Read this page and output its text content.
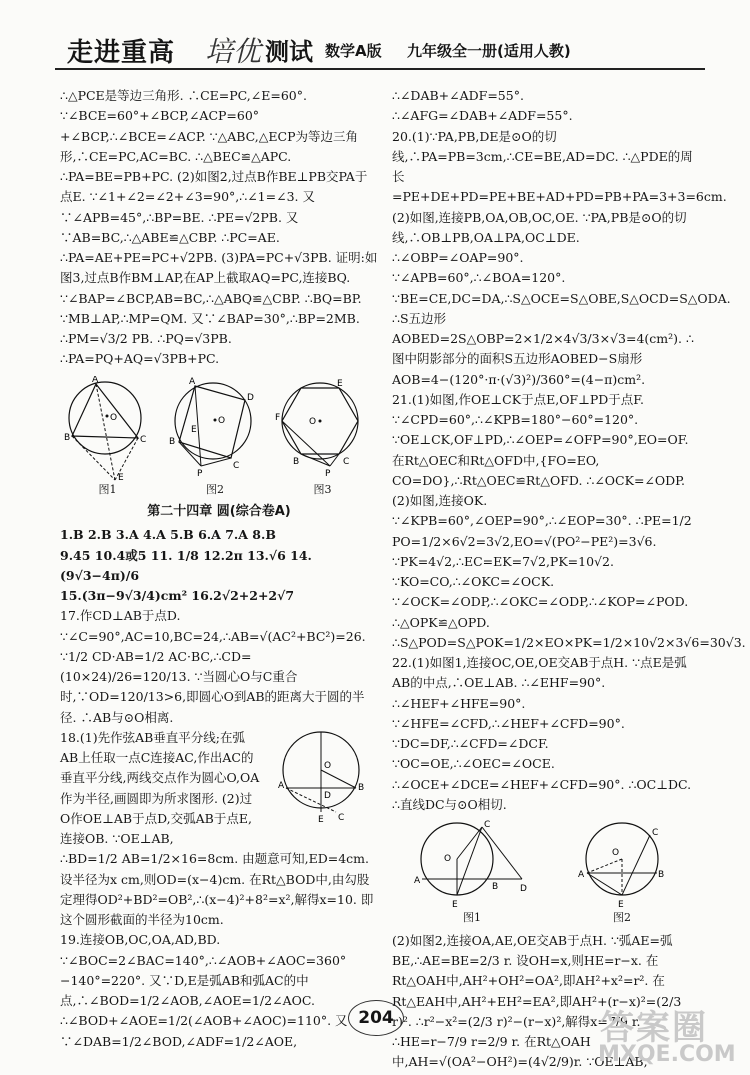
走进重高 培优 测试 数学A版 九年级全一册(适用人教)

∴△PCE是等边三角形. ∴CE=PC,∠E=60°. ∵∠BCE=60°+∠BCP,∠ACP=60°+∠BCP,∴∠BCE=∠ACP. ∵△ABC,△ECP为等边三角形,∴CE=PC,AC=BC. ∴△BEC≌△APC. ∴PA=BE=PB+PC. (2)如图2,过点B作BE⊥PB交PA于点E. ∵∠1+∠2=∠2+∠3=90°,∴∠1=∠3. 又∵∠APB=45°,∴BP=BE. ∴PE=√2PB. 又∵AB=BC,∴△ABE≌△CBP. ∴PC=AE. ∴PA=AE+PE=PC+√2PB. (3)PA=PC+√3PB. 证明:如图3,过点B作BM⊥AP,在AP上截取AQ=PC,连接BQ. ∵∠BAP=∠BCP,AB=BC,∴△ABQ≌△CBP. ∴BQ=BP. ∵MB⊥AP,∴MP=QM. 又∵∠BAP=30°,∴BP=2MB. ∴PM=√3/2 PB. ∴PQ=√3PB. ∴PA=PQ+AQ=√3PB+PC.

O
A
B	C
E
图1
O
A
D
B
C
P
E
图2
O
E
F
B	C
P
图3
第二十四章 圆(综合卷A)

1.B 2.B 3.A 4.A 5.B 6.A 7.A 8.B

9.45 10.4或5 11. 1/8 12.2π 13.√6 14. (9√3−4π)/6

15.(3π−9√3/4)cm² 16.2√2+2+2√7

17.作CD⊥AB于点D. ∵∠C=90°,AC=10,BC=24,∴AB=√(AC²+BC²)=26. ∵1/2 CD·AB=1/2 AC·BC,∴CD=(10×24)/26=120/13. ∵当圆心O与C重合时,∵OD=120/13>6,即圆心O到AB的距离大于圆的半径. ∴AB与⊙O相离.

18.(1)先作弦AB垂直平分线;在弧AB上任取一点C连接AC,作出AC的垂直平分线,两线交点作为圆心O,OA作为半径,画圆即为所求图形. (2)过O作OE⊥AB于点D,交弧AB于点E,连接OB. ∵OE⊥AB,

O
A	B
D
E C

∴BD=1/2 AB=1/2×16=8cm. 由题意可知,ED=4cm. 设半径为x cm,则OD=(x−4)cm. 在Rt△BOD中,由勾股定理得OD²+BD²=OB²,∴(x−4)²+8²=x²,解得x=10. 即这个圆形截面的半径为10cm.

19.连接OB,OC,OA,AD,BD. ∵∠BOC=2∠BAC=140°,∴∠AOB+∠AOC=360°−140°=220°. 又∵D,E是弧AB和弧AC的中点,∴∠BOD=1/2∠AOB,∠AOE=1/2∠AOC. ∴∠BOD+∠AOE=1/2(∠AOB+∠AOC)=110°. 又∵∠DAB=1/2∠BOD,∠ADF=1/2∠AOE,

∴∠DAB+∠ADF=55°. ∴∠AFG=∠DAB+∠ADF=55°.

20.(1)∵PA,PB,DE是⊙O的切线,∴PA=PB=3cm,∴CE=BE,AD=DC. ∴△PDE的周长=PE+DE+PD=PE+BE+AD+PD=PB+PA=3+3=6cm. (2)如图,连接PB,OA,OB,OC,OE. ∵PA,PB是⊙O的切线,∴OB⊥PB,OA⊥PA,OC⊥DE. ∴∠OBP=∠OAP=90°. ∵∠APB=60°,∴∠BOA=120°. ∵BE=CE,DC=DA,∴S△OCE=S△OBE,S△OCD=S△ODA. ∴S五边形AOBED=2S△OBP=2×1/2×4√3/3×√3=4(cm²). ∴图中阴影部分的面积S五边形AOBED−S扇形AOB=4−(120°·π·(√3)²)/360°=(4−π)cm².

21.(1)如图,作OE⊥CK于点E,OF⊥PD于点F. ∵∠CPD=60°,∴∠KPB=180°−60°=120°. ∵OE⊥CK,OF⊥PD,∴∠OEP=∠OFP=90°,EO=OF. 在Rt△OEC和Rt△OFD中,{FO=EO, CO=DO},∴Rt△OEC≌Rt△OFD. ∴∠OCK=∠ODP. (2)如图,连接OK. ∵∠KPB=60°,∠OEP=90°,∴∠EOP=30°. ∴PE=1/2 PO=1/2×6√2=3√2,EO=√(PO²−PE²)=3√6. ∵PK=4√2,∴EC=EK=7√2,PK=10√2. ∵KO=CO,∴∠OKC=∠OCK. ∵∠OCK=∠ODP,∴∠OKC=∠ODP,∴∠KOP=∠POD. ∴△OPK≌△OPD. ∴S△POD=S△POK=1/2×EO×PK=1/2×10√2×3√6=30√3.

22.(1)如图1,连接OC,OE,OE交AB于点H. ∵点E是弧AB的中点,∴OE⊥AB. ∴∠EHF=90°. ∴∠HEF+∠HFE=90°. ∵∠HFE=∠CFD,∴∠HEF+∠CFD=90°. ∵DC=DF,∴∠CFD=∠DCF. ∵OC=OE,∴∠OEC=∠OCE. ∴∠OCE+∠DCE=∠HEF+∠CFD=90°. ∴OC⊥DC. ∴直线DC与⊙O相切.

O
C
A
B D
E
图1
O
A	B
C
E
图2

(2)如图2,连接OA,AE,OE交AB于点H. ∵弧AE=弧BE,∴AE=BE=2/3 r. 设OH=x,则HE=r−x. 在Rt△OAH中,AH²+OH²=OA²,即AH²+x²=r². 在Rt△EAH中,AH²+EH²=EA²,即AH²+(r−x)²=(2/3 r)². ∴r²−x²=(2/3 r)²−(r−x)²,解得x=7/9 r. ∴HE=r−7/9 r=2/9 r. 在Rt△OAH中,AH=√(OA²−OH²)=(4√2/9)r. ∵OE⊥AB,

204	答案圈
MXQE.COM
